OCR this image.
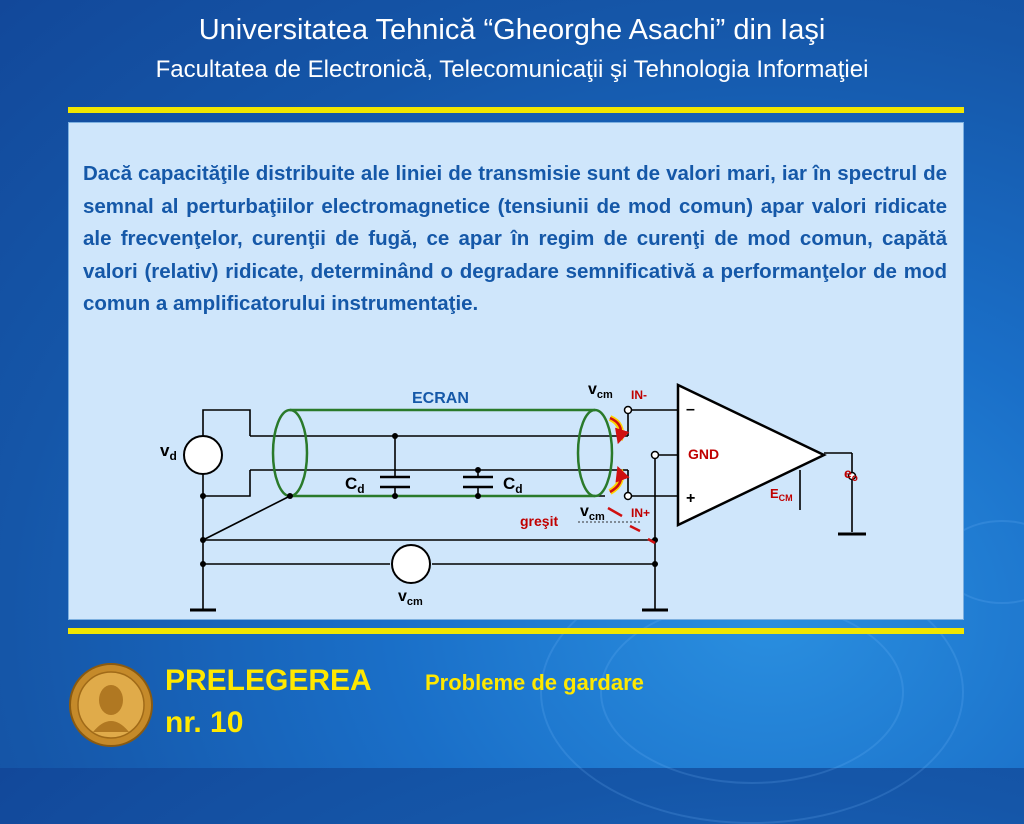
Universitatea Tehnică “Gheorghe Asachi” din Iaşi
Facultatea de Electronică, Telecomunicaţii şi Tehnologia Informaţiei
Dacă capacităţile distribuite ale liniei de transmisie sunt de valori mari, iar în spectrul de semnal al perturbaţiilor electromagnetice (tensiunii de mod comun) apar valori ridicate ale frecvenţelor, curenţii de fugă, ce apar în regim de curenţi de mod comun, capătă valori (relativ) ridicate, determinând o degradare semnificativă a performanţelor de mod comun a amplificatorului instrumentaţie.
ECRAN
$v_d$
$C_d$	$C_d$
$v_{cm}$
$v_{cm}$
$v_{cm}$
IN-
IN+
greşit
–
+
GND
$E_{CM}$
$e_o$
PRELEGEREA
nr. 10
Probleme de gardare
